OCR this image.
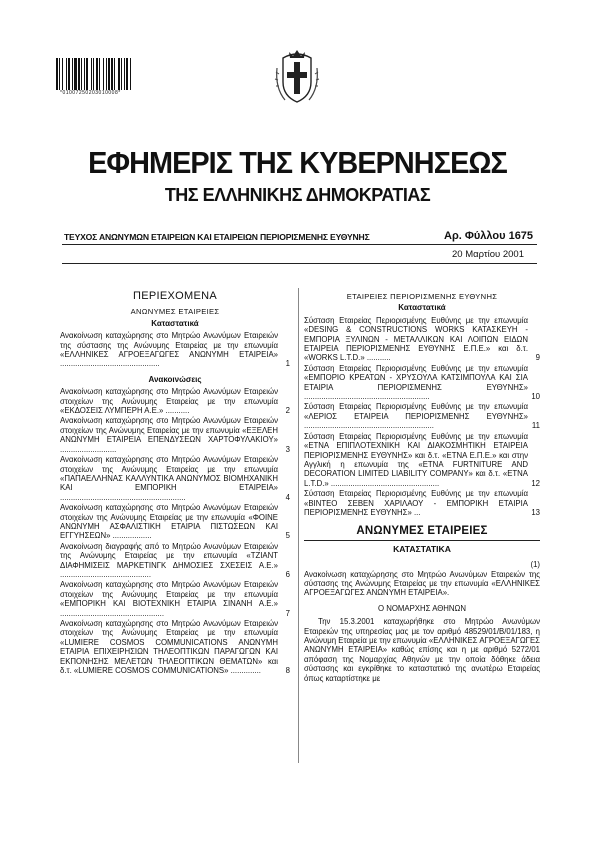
*01007250203010008*
ΕΦΗΜΕΡΙΣ ΤΗΣ ΚΥΒΕΡΝΗΣΕΩΣ
ΤΗΣ ΕΛΛΗΝΙΚΗΣ ΔΗΜΟΚΡΑΤΙΑΣ
ΤΕΥΧΟΣ ΑΝΩΝΥΜΩΝ ΕΤΑΙΡΕΙΩΝ ΚΑΙ ΕΤΑΙΡΕΙΩΝ ΠΕΡΙΟΡΙΣΜΕΝΗΣ ΕΥΘΥΝΗΣ	Αρ. Φύλλου 1675
20 Μαρτίου 2001
ΠΕΡΙΕΧΟΜΕΝΑ
ΑΝΩΝΥΜΕΣ ΕΤΑΙΡΕΙΕΣ
Καταστατικά
Ανακοίνωση καταχώρησης στο Μητρώο Ανωνύμων Εταιρειών της σύστασης της Ανώνυμης Εταιρείας με την επωνυμία «ΕΛΛΗΝΙΚΕΣ ΑΓΡΟΕΞΑΓΩΓΕΣ ΑΝΩΝΥΜΗ ΕΤΑΙΡΕΙΑ» ..............................................	1
Ανακοινώσεις
Ανακοίνωση καταχώρησης στο Μητρώο Ανωνύμων Εταιρειών στοιχείων της Ανώνυμης Εταιρείας με την επωνυμία «ΕΚΔΟΣΕΙΣ ΛΥΜΠΕΡΗ Α.Ε.» ...........	2
Ανακοίνωση καταχώρησης στο Μητρώο Ανωνύμων Εταιρειών στοιχείων της Ανώνυμης Εταιρείας με την επωνυμία «ΕΞΕΛΕΗ ΑΝΩΝΥΜΗ ΕΤΑΙΡΕΙΑ ΕΠΕΝΔΥΣΕΩΝ ΧΑΡΤΟΦΥΛΑΚΙΟΥ» ..........................	3
Ανακοίνωση καταχώρησης στο Μητρώο Ανωνύμων Εταιρειών στοιχείων της Ανώνυμης Εταιρείας με την επωνυμία «ΠΑΠΑΕΛΛΗΝΑΣ ΚΑΛΛΥΝΤΙΚΑ ΑΝΩΝΥΜΟΣ ΒΙΟΜΗΧΑΝΙΚΗ ΚΑΙ ΕΜΠΟΡΙΚΗ ΕΤΑΙΡΕΙΑ» ..........................................................	4
Ανακοίνωση καταχώρησης στο Μητρώο Ανωνύμων Εταιρειών στοιχείων της Ανώνυμης Εταιρείας με την επωνυμία «ΦΟΙΝΕ ΑΝΩΝΥΜΗ ΑΣΦΑΛΙΣΤΙΚΗ ΕΤΑΙΡΙΑ ΠΙΣΤΩΣΕΩΝ ΚΑΙ ΕΓΓΥΗΣΕΩΝ» ..................	5
Ανακοίνωση διαγραφής από το Μητρώο Ανωνύμων Εταιρειών της Ανώνυμης Εταιρείας με την επωνυμία «ΤΖΙΑΝΤ ΔΙΑΦΗΜΙΣΕΙΣ ΜΑΡΚΕΤΙΝΓΚ ΔΗΜΟΣΙΕΣ ΣΧΕΣΕΙΣ Α.Ε.» ..........................................	6
Ανακοίνωση καταχώρησης στο Μητρώο Ανωνύμων Εταιρειών στοιχείων της Ανώνυμης Εταιρείας με την επωνυμία «ΕΜΠΟΡΙΚΗ ΚΑΙ ΒΙΟΤΕΧΝΙΚΗ ΕΤΑΙΡΙΑ ΣΙΝΑΝΗ Α.Ε.» ................................................	7
Ανακοίνωση καταχώρησης στο Μητρώο Ανωνύμων Εταιρειών στοιχείων της Ανώνυμης Εταιρείας με την επωνυμία «LUMIERE COSMOS COMMUNICATIONS ΑΝΩΝΥΜΗ ΕΤΑΙΡΙΑ ΕΠΙΧΕΙΡΗΣΙΩΝ ΤΗΛΕΟΠΤΙΚΩΝ ΠΑΡΑΓΩΓΩΝ ΚΑΙ ΕΚΠΟΝΗΣΗΣ ΜΕΛΕΤΩΝ ΤΗΛΕΟΠΤΙΚΩΝ ΘΕΜΑΤΩΝ» και δ.τ. «LUMIERE COSMOS COMMUNICATIONS» ..............	8
ΕΤΑΙΡΕΙΕΣ ΠΕΡΙΟΡΙΣΜΕΝΗΣ ΕΥΘΥΝΗΣ
Καταστατικά
Σύσταση Εταιρείας Περιορισμένης Ευθύνης με την επωνυμία «DESING & CONSTRUCTIONS WORKS ΚΑΤΑΣΚΕΥΗ - ΕΜΠΟΡΙΑ ΞΥΛΙΝΩΝ - ΜΕΤΑΛΛΙΚΩΝ ΚΑΙ ΛΟΙΠΩΝ ΕΙΔΩΝ ΕΤΑΙΡΕΙΑ ΠΕΡΙΟΡΙΣΜΕΝΗΣ ΕΥΘΥΝΗΣ Ε.Π.Ε.» και δ.τ. «WORKS L.T.D.» ...........	9
Σύσταση Εταιρείας Περιορισμένης Ευθύνης με την επωνυμία «ΕΜΠΟΡΙΟ ΚΡΕΑΤΩΝ - ΧΡΥΣΟΥΛΑ ΚΑΤΣΙΜΠΟΥΛΑ ΚΑΙ ΣΙΑ ΕΤΑΙΡΙΑ ΠΕΡΙΟΡΙΣΜΕΝΗΣ ΕΥΘΥΝΗΣ» ..........................................................	10
Σύσταση Εταιρείας Περιορισμένης Ευθύνης με την επωνυμία «ΛΕΡΙΟΣ ΕΤΑΙΡΕΙΑ ΠΕΡΙΟΡΙΣΜΕΝΗΣ ΕΥΘΥΝΗΣ» ............................................................	11
Σύσταση Εταιρείας Περιορισμένης Ευθύνης με την επωνυμία «ΕΤΝΑ ΕΠΙΠΛΟΤΕΧΝΙΚΗ ΚΑΙ ΔΙΑΚΟΣΜΗΤΙΚΗ ΕΤΑΙΡΕΙΑ ΠΕΡΙΟΡΙΣΜΕΝΗΣ ΕΥΘΥΝΗΣ» και δ.τ. «ΕΤΝΑ Ε.Π.Ε.» και στην Αγγλική η επωνυμία της «ETNA FURTNITURE AND DECORATION LIMITED LIABILITY COMPANY» και δ.τ. «ΕΤΝΑ L.T.D.» ..................................................	12
Σύσταση Εταιρείας Περιορισμένης Ευθύνης με την επωνυμία «ΒΙΝΤΕΟ ΣΕΒΕΝ ΧΑΡΙΛΑΟΥ - ΕΜΠΟΡΙΚΗ ΕΤΑΙΡΙΑ ΠΕΡΙΟΡΙΣΜΕΝΗΣ ΕΥΘΥΝΗΣ» ...	13
ΑΝΩΝΥΜΕΣ ΕΤΑΙΡΕΙΕΣ
ΚΑΤΑΣΤΑΤΙΚΑ
(1)
Ανακοίνωση καταχώρησης στο Μητρώο Ανωνύμων Εταιρειών της σύστασης της Ανώνυμης Εταιρείας με την επωνυμία «ΕΛΛΗΝΙΚΕΣ ΑΓΡΟΕΞΑΓΩΓΕΣ ΑΝΩΝΥΜΗ ΕΤΑΙΡΕΙΑ».
Ο ΝΟΜΑΡΧΗΣ ΑΘΗΝΩΝ
Την 15.3.2001 καταχωρήθηκε στο Μητρώο Ανωνύμων Εταιρειών της υπηρεσίας μας με τον αριθμό 48529/01/Β/01/183, η Ανώνυμη Εταιρεία με την επωνυμία «ΕΛΛΗΝΙΚΕΣ ΑΓΡΟΕΞΑΓΩΓΕΣ ΑΝΩΝΥΜΗ ΕΤΑΙΡΕΙΑ» καθώς επίσης και η με αριθμό 5272/01 απόφαση της Νομαρχίας Αθηνών με την οποία δόθηκε άδεια σύστασης και εγκρίθηκε το καταστατικό της ανωτέρω Εταιρείας όπως καταρτίστηκε με
